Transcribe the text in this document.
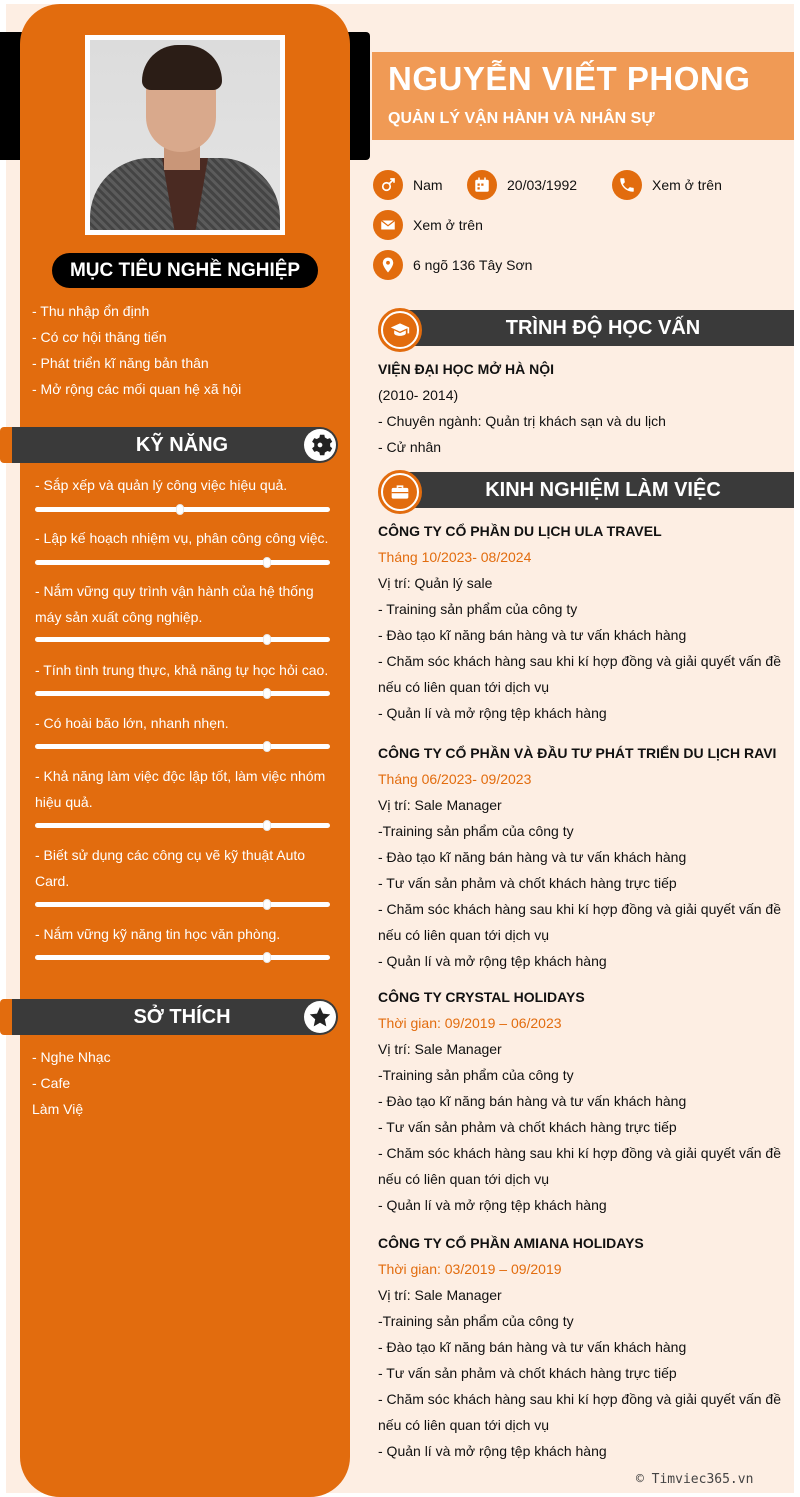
MỤC TIÊU NGHỀ NGHIỆP
- Thu nhập ổn định
- Có cơ hội thăng tiến
- Phát triển kĩ năng bản thân
- Mở rộng các mối quan hệ xã hội
KỸ NĂNG
- Sắp xếp và quản lý công việc hiệu quả.
- Lập kế hoạch nhiệm vụ, phân công công việc.
- Nắm vững quy trình vận hành của hệ thống máy sản xuất công nghiệp.
- Tính tình trung thực, khả năng tự học hỏi cao.
- Có hoài bão lớn, nhanh nhẹn.
- Khả năng làm việc độc lập tốt, làm việc nhóm hiệu quả.
- Biết sử dụng các công cụ vẽ kỹ thuật Auto Card.
- Nắm vững kỹ năng tin học văn phòng.
SỞ THÍCH
- Nghe Nhạc
- Cafe
Làm Việ
NGUYỄN VIẾT PHONG
QUẢN LÝ VẬN HÀNH VÀ NHÂN SỰ
Nam	20/03/1992	Xem ở trên
Xem ở trên
6 ngõ 136 Tây Sơn
TRÌNH ĐỘ HỌC VẤN
VIỆN ĐẠI HỌC MỞ HÀ NỘI
(2010- 2014)
- Chuyên ngành: Quản trị khách sạn và du lịch
- Cử nhân
KINH NGHIỆM LÀM VIỆC
CÔNG TY CỔ PHẦN DU LỊCH ULA TRAVEL
Tháng 10/2023- 08/2024
Vị trí: Quản lý sale
- Training sản phẩm của công ty
- Đào tạo kĩ năng bán hàng và tư vấn khách hàng
- Chăm sóc khách hàng sau khi kí hợp đồng và giải quyết vấn đề nếu có liên quan tới dịch vụ
- Quản lí và mở rộng tệp khách hàng
CÔNG TY CỔ PHẦN VÀ ĐẦU TƯ PHÁT TRIỂN DU LỊCH RAVI
Tháng 06/2023- 09/2023
Vị trí: Sale Manager
-Training sản phẩm của công ty
- Đào tạo kĩ năng bán hàng và tư vấn khách hàng
- Tư vấn sản phảm và chốt khách hàng trực tiếp
- Chăm sóc khách hàng sau khi kí hợp đồng và giải quyết vấn đề nếu có liên quan tới dịch vụ
- Quản lí và mở rộng tệp khách hàng
CÔNG TY CRYSTAL HOLIDAYS
Thời gian: 09/2019 – 06/2023
Vị trí: Sale Manager
-Training sản phẩm của công ty
- Đào tạo kĩ năng bán hàng và tư vấn khách hàng
- Tư vấn sản phảm và chốt khách hàng trực tiếp
- Chăm sóc khách hàng sau khi kí hợp đồng và giải quyết vấn đề nếu có liên quan tới dịch vụ
- Quản lí và mở rộng tệp khách hàng
CÔNG TY CỔ PHẦN AMIANA HOLIDAYS
Thời gian: 03/2019 – 09/2019
Vị trí: Sale Manager
-Training sản phẩm của công ty
- Đào tạo kĩ năng bán hàng và tư vấn khách hàng
- Tư vấn sản phảm và chốt khách hàng trực tiếp
- Chăm sóc khách hàng sau khi kí hợp đồng và giải quyết vấn đề nếu có liên quan tới dịch vụ
- Quản lí và mở rộng tệp khách hàng
© Timviec365.vn
